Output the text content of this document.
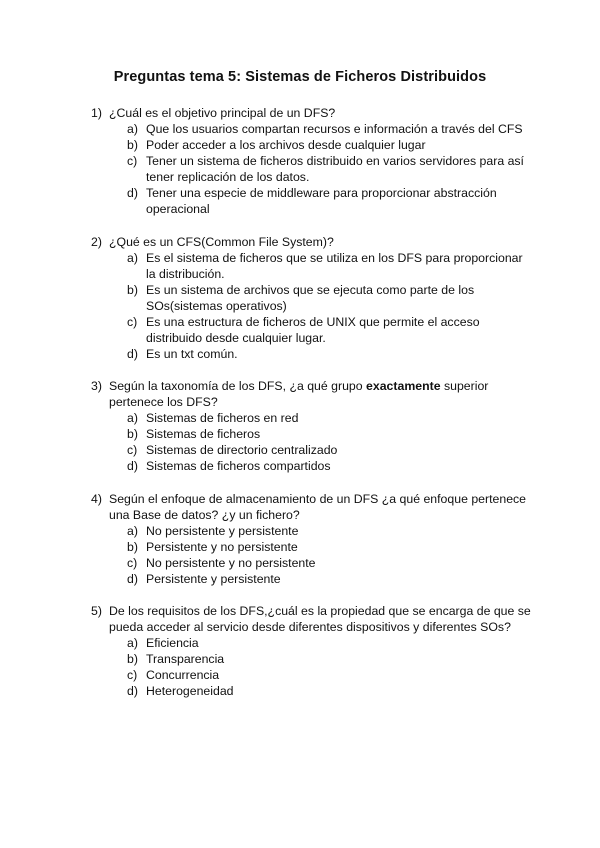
Preguntas tema 5: Sistemas de Ficheros Distribuidos
1) ¿Cuál es el objetivo principal de un DFS?
a) Que los usuarios compartan recursos e información a través del CFS
b) Poder acceder a los archivos desde cualquier lugar
c) Tener un sistema de ficheros distribuido en varios servidores para así tener replicación de los datos.
d) Tener una especie de middleware para proporcionar abstracción operacional
2) ¿Qué es un CFS(Common File System)?
a) Es el sistema de ficheros que se utiliza en los DFS para proporcionar la distribución.
b) Es un sistema de archivos que se ejecuta como parte de los SOs(sistemas operativos)
c) Es una estructura de ficheros de UNIX que permite el acceso distribuido desde cualquier lugar.
d) Es un txt común.
3) Según la taxonomía de los DFS, ¿a qué grupo exactamente superior pertenece los DFS?
a) Sistemas de ficheros en red
b) Sistemas de ficheros
c) Sistemas de directorio centralizado
d) Sistemas de ficheros compartidos
4) Según el enfoque de almacenamiento de un DFS ¿a qué enfoque pertenece una Base de datos? ¿y un fichero?
a) No persistente y persistente
b) Persistente y no persistente
c) No persistente y no persistente
d) Persistente y persistente
5) De los requisitos de los DFS,¿cuál es la propiedad que se encarga de que se pueda acceder al servicio desde diferentes dispositivos y diferentes SOs?
a) Eficiencia
b) Transparencia
c) Concurrencia
d) Heterogeneidad
